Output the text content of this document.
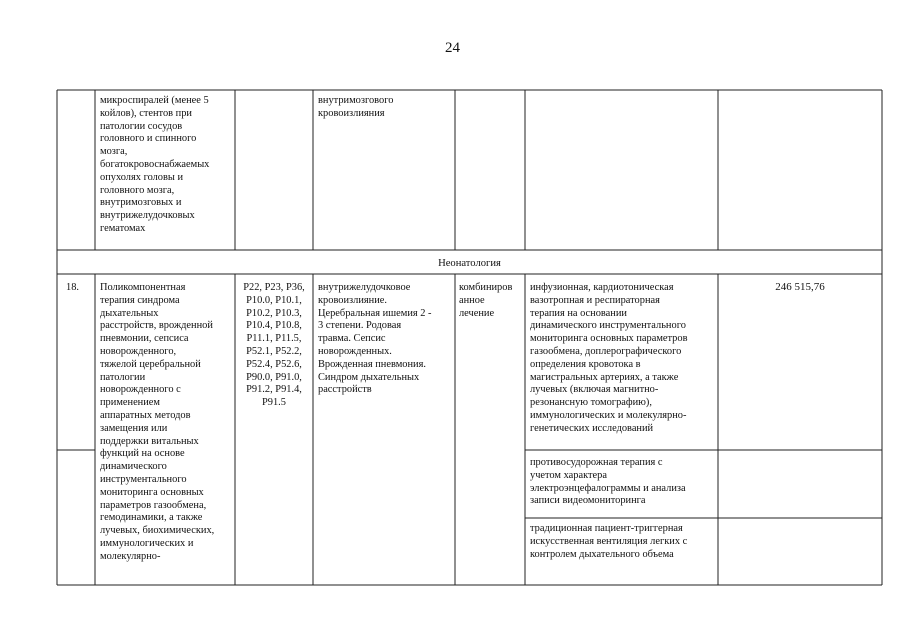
24
микроспиралей (менее 5
койлов), стентов при
патологии сосудов
головного и спинного
мозга,
богатокровоснабжаемых
опухолях головы и
головного мозга,
внутримозговых и
внутрижелудочковых
гематомах
внутримозгового
кровоизлияния
Неонатология
18.	Поликомпонентная
терапия синдрома
дыхательных
расстройств, врожденной
пневмонии, сепсиса
новорожденного,
тяжелой церебральной
патологии
новорожденного с
применением
аппаратных методов
замещения или
поддержки витальных
функций на основе
динамического
инструментального
мониторинга основных
параметров газообмена,
гемодинамики, а также
лучевых, биохимических,
иммунологических и
молекулярно-
P22, P23, P36,
P10.0, P10.1,
P10.2, P10.3,
P10.4, P10.8,
P11.1, P11.5,
P52.1, P52.2,
P52.4, P52.6,
P90.0, P91.0,
P91.2, P91.4,
P91.5
внутрижелудочковое
кровоизлияние.
Церебральная ишемия 2 -
3 степени. Родовая
травма. Сепсис
новорожденных.
Врожденная пневмония.
Синдром дыхательных
расстройств
комбиниров
анное
лечение
инфузионная, кардиотоническая
вазотропная и респираторная
терапия на основании
динамического инструментального
мониторинга основных параметров
газообмена, доплерографического
определения кровотока в
магистральных артериях, а также
лучевых (включая магнитно-
резонансную томографию),
иммунологических и молекулярно-
генетических исследований
противосудорожная терапия с
учетом характера
электроэнцефалограммы и анализа
записи видеомониторинга
традиционная пациент-триггерная
искусственная вентиляция легких с
контролем дыхательного объема
246 515,76
